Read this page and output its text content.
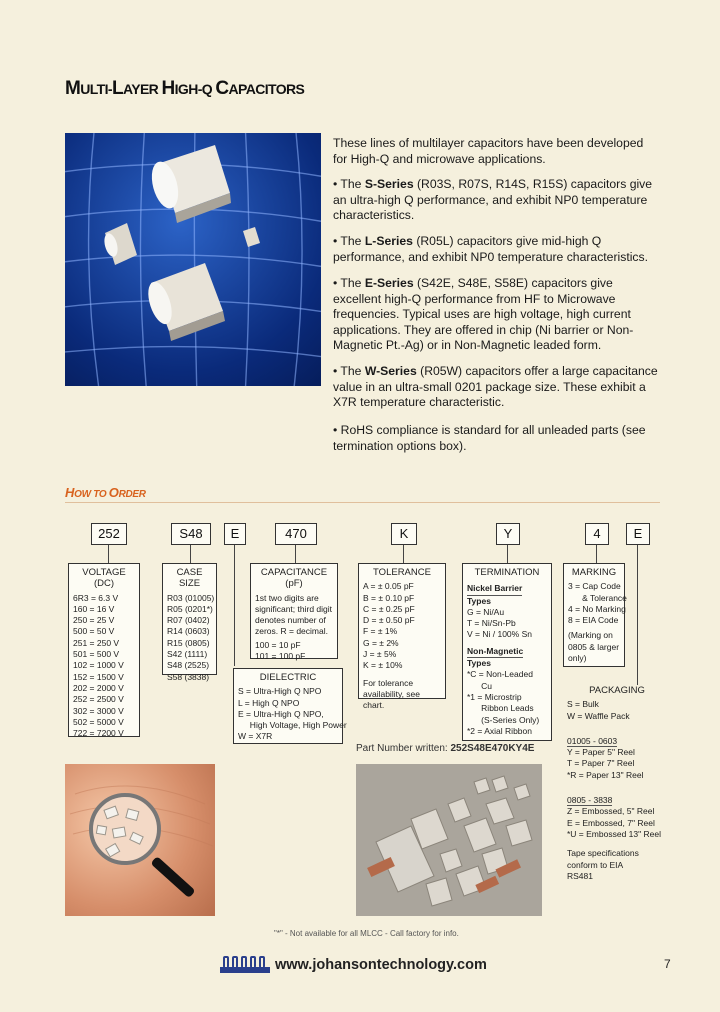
MULTI-LAYER HIGH-Q CAPACITORS
These lines of multilayer capacitors have been developed for High-Q and microwave applications.
• The S-Series (R03S, R07S, R14S, R15S) capacitors give an ultra-high Q performance, and exhibit NP0 temperature characteristics.
• The L-Series (R05L) capacitors give mid-high Q performance, and exhibit NP0 temperature characteristics.
• The E-Series (S42E, S48E, S58E) capacitors give excellent high-Q performance from HF to Microwave frequencies. Typical uses are high voltage, high current applications. They are offered in chip (Ni barrier or Non-Magnetic Pt.-Ag) or in Non-Magnetic leaded form.
• The W-Series (R05W) capacitors offer a large capacitance value in an ultra-small 0201 package size. These exhibit a X7R temperature characteristic.
• RoHS compliance is standard for all unleaded parts (see termination options box).
HOW TO ORDER
252	S48	E	470	K	Y	4	E
VOLTAGE (DC)
6R3 = 6.3 V
160 = 16 V
250 = 25 V
500 = 50 V
251 = 250 V
501 = 500 V
102 = 1000 V
152 = 1500 V
202 = 2000 V
252 = 2500 V
302 = 3000 V
502 = 5000 V
722 = 7200 V
CASE SIZE
R03 (01005)
R05 (0201*)
R07 (0402)
R14 (0603)
R15 (0805)
S42 (1111)
S48 (2525)
S58 (3838)
CAPACITANCE (pF)
1st two digits are significant; third digit denotes number of zeros. R = decimal.
100 = 10 pF
101 = 100 pF
DIELECTRIC
S = Ultra-High Q NPO
L = High Q NPO
E = Ultra-High Q NPO,
High Voltage, High Power
W = X7R
TOLERANCE
A = ± 0.05 pF
B = ± 0.10 pF
C = ± 0.25 pF
D = ± 0.50 pF
F = ± 1%
G = ± 2%
J = ± 5%
K = ± 10%
For tolerance availability, see chart.
TERMINATION
Nickel Barrier
Types
G = Ni/Au
T = Ni/Sn-Pb
V = Ni / 100% Sn
Non-Magnetic
Types
*C = Non-Leaded
Cu
*1 = Microstrip
Ribbon Leads
(S-Series Only)
*2 = Axial Ribbon
MARKING
3 = Cap Code
& Tolerance
4 = No Marking
8 = EIA Code
(Marking on 0805 & larger only)
PACKAGING
S = Bulk
W = Waffle Pack
01005 - 0603
Y = Paper 5" Reel
T = Paper 7" Reel
*R = Paper 13" Reel
0805 - 3838
Z = Embossed, 5" Reel
E = Embossed, 7" Reel
*U = Embossed 13" Reel
Tape specifications conform to EIA RS481
Part Number written: 252S48E470KY4E
"*" - Not available for all MLCC - Call factory for info.
www.johansontechnology.com	7
